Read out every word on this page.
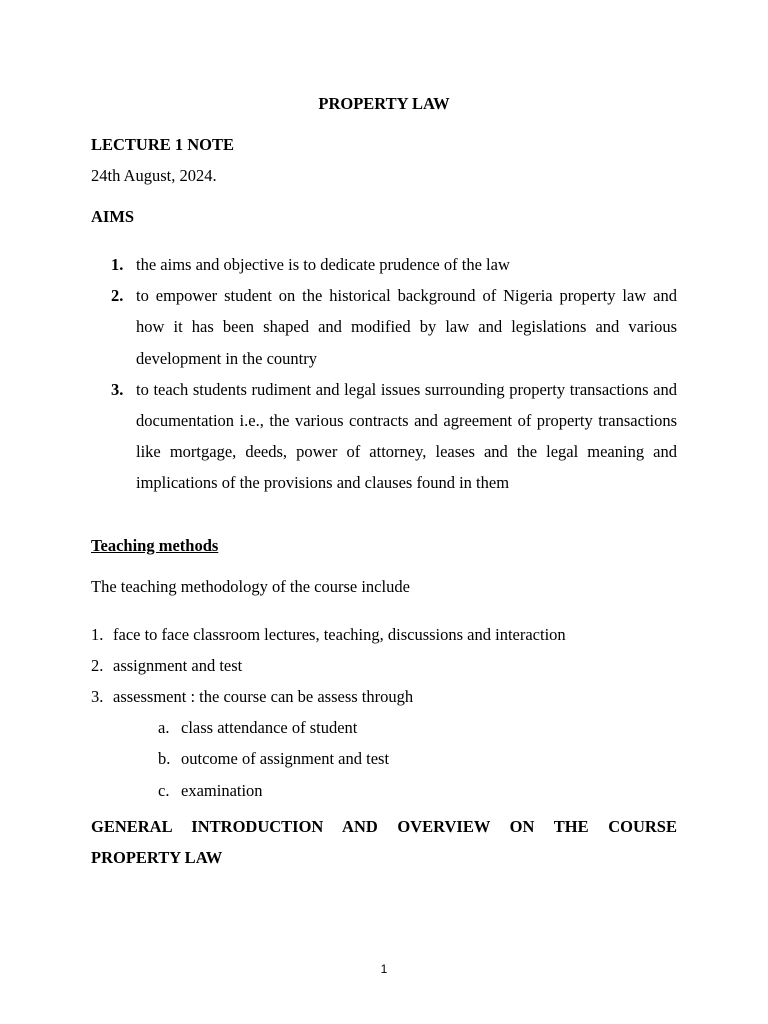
PROPERTY LAW
LECTURE 1 NOTE
24th August, 2024.
AIMS
1. the aims and objective is to dedicate prudence of the law
2. to empower student on the historical background of Nigeria property law and how it has been shaped and modified by law and legislations and various development in the country
3. to teach students rudiment and legal issues surrounding property transactions and documentation i.e., the various contracts and agreement of property transactions like mortgage, deeds, power of attorney, leases and the legal meaning and implications of the provisions and clauses found in them
Teaching methods
The teaching methodology of the course include
1. face to face classroom lectures, teaching, discussions and interaction
2. assignment and test
3. assessment : the course can be assess through
a. class attendance of student
b. outcome of assignment and test
c. examination
GENERAL INTRODUCTION AND OVERVIEW ON THE COURSE PROPERTY LAW
1
